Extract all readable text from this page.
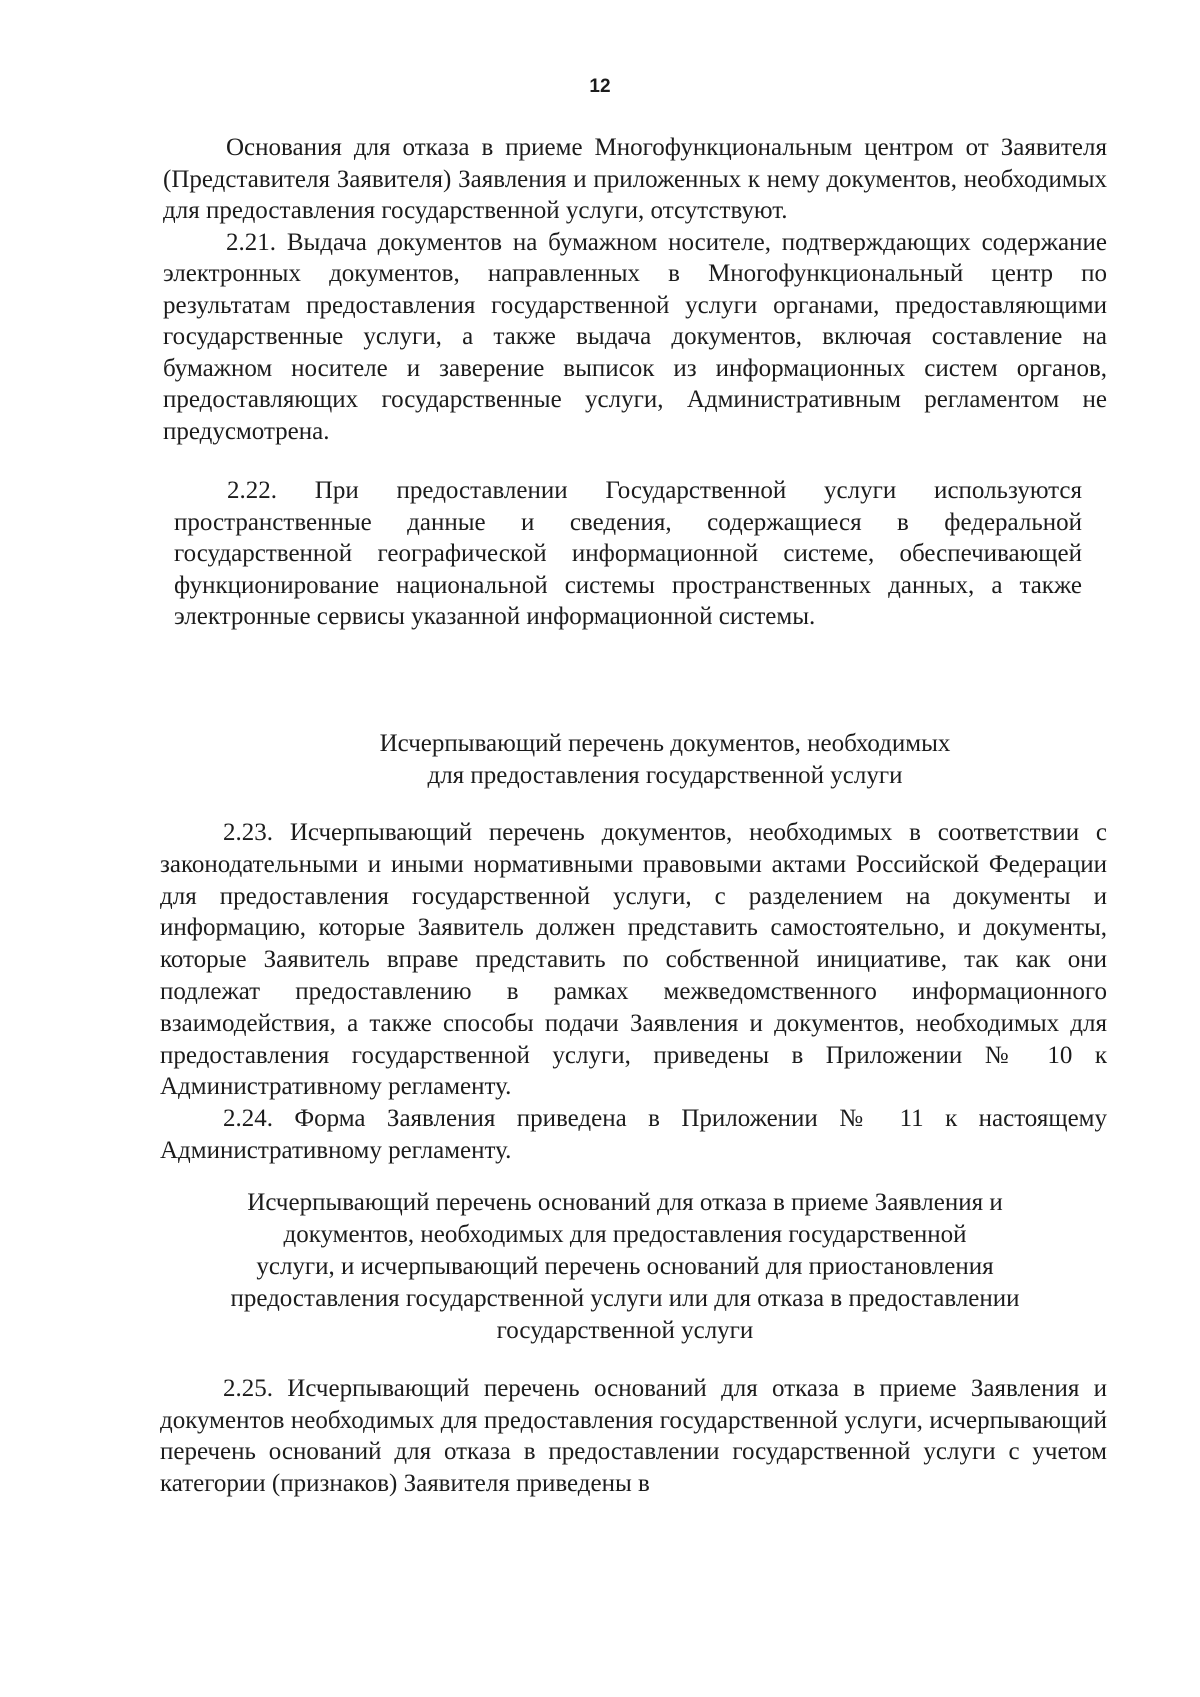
12

Основания для отказа в приеме Многофункциональным центром от Заявителя (Представителя Заявителя) Заявления и приложенных к нему документов, необходимых для предоставления государственной услуги, отсутствуют.

2.21. Выдача документов на бумажном носителе, подтверждающих содержание электронных документов, направленных в Многофункциональный центр по результатам предоставления государственной услуги органами, предоставляющими государственные услуги, а также выдача документов, включая составление на бумажном носителе и заверение выписок из информационных систем органов, предоставляющих государственные услуги, Административным регламентом не предусмотрена.

2.22. При предоставлении Государственной услуги используются пространственные данные и сведения, содержащиеся в федеральной государственной географической информационной системе, обеспечивающей функционирование национальной системы пространственных данных, а также электронные сервисы указанной информационной системы.

Исчерпывающий перечень документов, необходимых
для предоставления государственной услуги

2.23. Исчерпывающий перечень документов, необходимых в соответствии с законодательными и иными нормативными правовыми актами Российской Федерации для предоставления государственной услуги, с разделением на документы и информацию, которые Заявитель должен представить самостоятельно, и документы, которые Заявитель вправе представить по собственной инициативе, так как они подлежат предоставлению в рамках межведомственного информационного взаимодействия, а также способы подачи Заявления и документов, необходимых для предоставления государственной услуги, приведены в Приложении № 10 к Административному регламенту.

2.24. Форма Заявления приведена в Приложении № 11 к настоящему Административному регламенту.

Исчерпывающий перечень оснований для отказа в приеме Заявления и
документов, необходимых для предоставления государственной
услуги, и исчерпывающий перечень оснований для приостановления
предоставления государственной услуги или для отказа в предоставлении
государственной услуги

2.25. Исчерпывающий перечень оснований для отказа в приеме Заявления и документов необходимых для предоставления государственной услуги, исчерпывающий перечень оснований для отказа в предоставлении государственной услуги с учетом категории (признаков) Заявителя приведены в
